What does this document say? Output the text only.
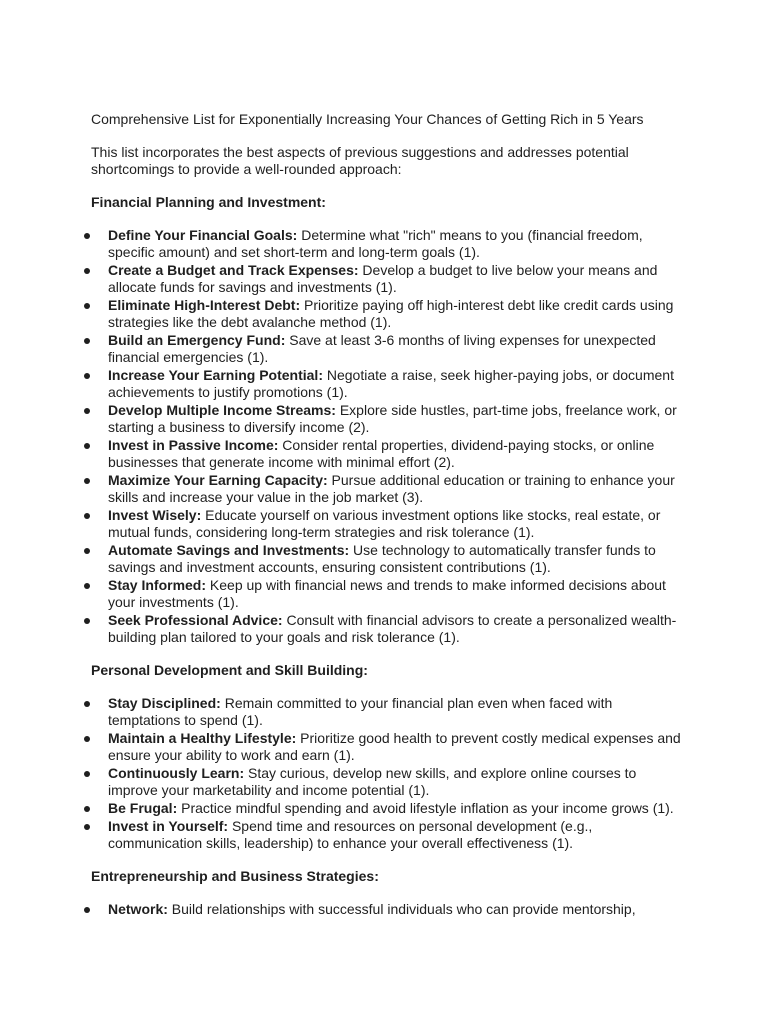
Comprehensive List for Exponentially Increasing Your Chances of Getting Rich in 5 Years

This list incorporates the best aspects of previous suggestions and addresses potential shortcomings to provide a well-rounded approach:

Financial Planning and Investment:

Define Your Financial Goals: Determine what "rich" means to you (financial freedom, specific amount) and set short-term and long-term goals (1).
Create a Budget and Track Expenses: Develop a budget to live below your means and allocate funds for savings and investments (1).
Eliminate High-Interest Debt: Prioritize paying off high-interest debt like credit cards using strategies like the debt avalanche method (1).
Build an Emergency Fund: Save at least 3-6 months of living expenses for unexpected financial emergencies (1).
Increase Your Earning Potential: Negotiate a raise, seek higher-paying jobs, or document achievements to justify promotions (1).
Develop Multiple Income Streams: Explore side hustles, part-time jobs, freelance work, or starting a business to diversify income (2).
Invest in Passive Income: Consider rental properties, dividend-paying stocks, or online businesses that generate income with minimal effort (2).
Maximize Your Earning Capacity: Pursue additional education or training to enhance your skills and increase your value in the job market (3).
Invest Wisely: Educate yourself on various investment options like stocks, real estate, or mutual funds, considering long-term strategies and risk tolerance (1).
Automate Savings and Investments: Use technology to automatically transfer funds to savings and investment accounts, ensuring consistent contributions (1).
Stay Informed: Keep up with financial news and trends to make informed decisions about your investments (1).
Seek Professional Advice: Consult with financial advisors to create a personalized wealth-building plan tailored to your goals and risk tolerance (1).

Personal Development and Skill Building:

Stay Disciplined: Remain committed to your financial plan even when faced with temptations to spend (1).
Maintain a Healthy Lifestyle: Prioritize good health to prevent costly medical expenses and ensure your ability to work and earn (1).
Continuously Learn: Stay curious, develop new skills, and explore online courses to improve your marketability and income potential (1).
Be Frugal: Practice mindful spending and avoid lifestyle inflation as your income grows (1).
Invest in Yourself: Spend time and resources on personal development (e.g., communication skills, leadership) to enhance your overall effectiveness (1).

Entrepreneurship and Business Strategies:

Network: Build relationships with successful individuals who can provide mentorship,
